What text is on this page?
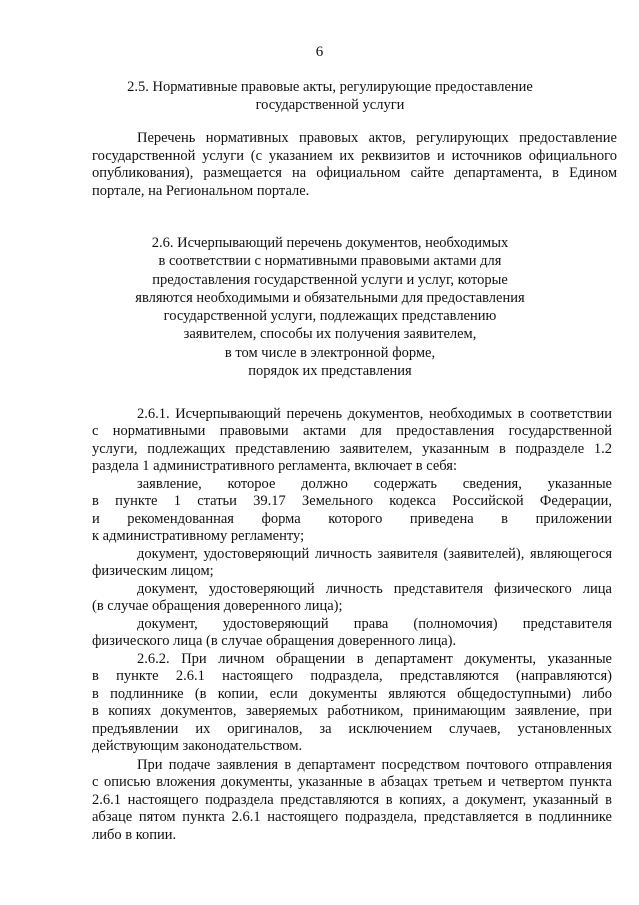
6
2.5. Нормативные правовые акты, регулирующие предоставление
государственной услуги
Перечень нормативных правовых актов, регулирующих предоставление
государственной услуги (с указанием их реквизитов и источников официального
опубликования), размещается на официальном сайте департамента, в Едином
портале, на Региональном портале.
2.6. Исчерпывающий перечень документов, необходимых
в соответствии с нормативными правовыми актами для
предоставления государственной услуги и услуг, которые
являются необходимыми и обязательными для предоставления
государственной услуги, подлежащих представлению
заявителем, способы их получения заявителем,
в том числе в электронной форме,
порядок их представления
2.6.1. Исчерпывающий перечень документов, необходимых в соответствии
с нормативными правовыми актами для предоставления государственной
услуги, подлежащих представлению заявителем, указанным в подразделе 1.2
раздела 1 административного регламента, включает в себя:
заявление, которое должно содержать сведения, указанные
в пункте 1 статьи 39.17 Земельного кодекса Российской Федерации,
и рекомендованная форма которого приведена в приложении
к административному регламенту;
документ, удостоверяющий личность заявителя (заявителей), являющегося
физическим лицом;
документ, удостоверяющий личность представителя физического лица
(в случае обращения доверенного лица);
документ, удостоверяющий права (полномочия) представителя
физического лица (в случае обращения доверенного лица).
2.6.2. При личном обращении в департамент документы, указанные
в пункте 2.6.1 настоящего подраздела, представляются (направляются)
в подлиннике (в копии, если документы являются общедоступными) либо
в копиях документов, заверяемых работником, принимающим заявление, при
предъявлении их оригиналов, за исключением случаев, установленных
действующим законодательством.
При подаче заявления в департамент посредством почтового отправления
с описью вложения документы, указанные в абзацах третьем и четвертом пункта
2.6.1 настоящего подраздела представляются в копиях, а документ, указанный в
абзаце пятом пункта 2.6.1 настоящего подраздела, представляется в подлиннике
либо в копии.
